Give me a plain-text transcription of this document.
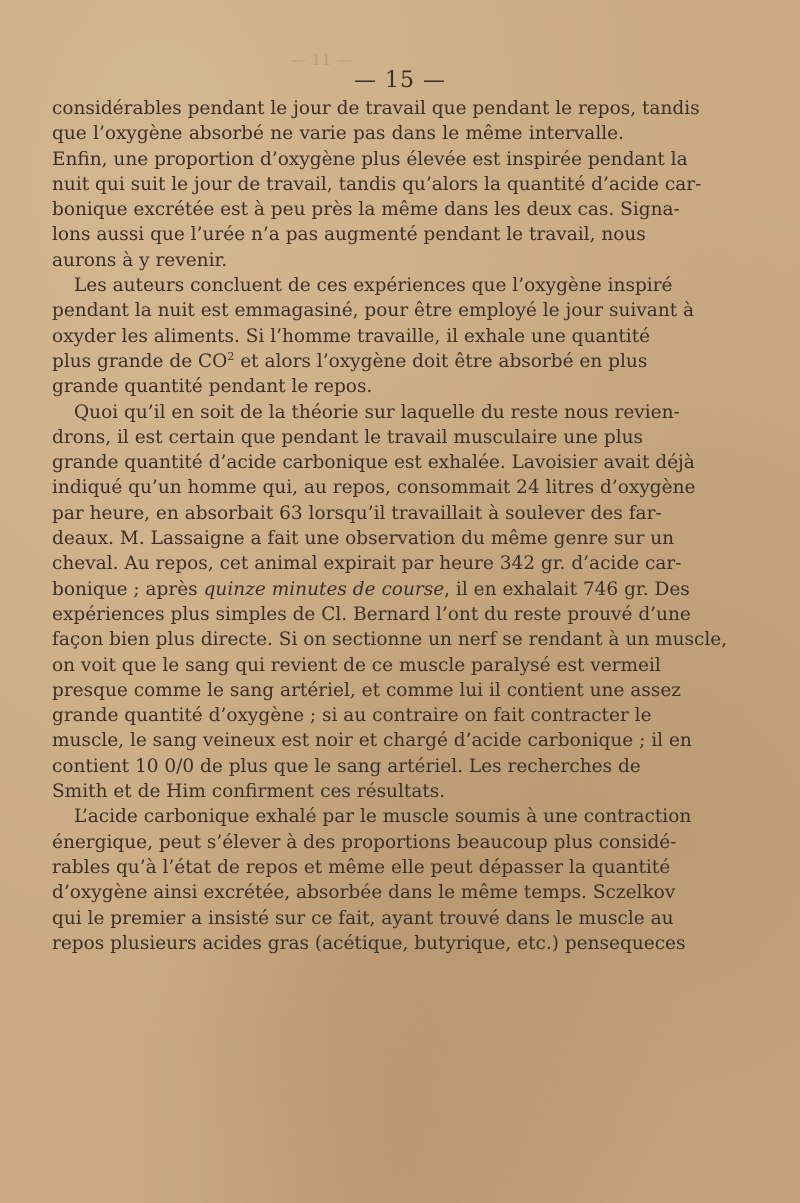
— 11 —
— 15 —
considérables pendant le jour de travail que pendant le repos, tandis
que l’oxygène absorbé ne varie pas dans le même intervalle.
Enfin, une proportion d’oxygène plus élevée est inspirée pendant la
nuit qui suit le jour de travail, tandis qu’alors la quantité d’acide car-
bonique excrétée est à peu près la même dans les deux cas. Signa-
lons aussi que l’urée n’a pas augmenté pendant le travail, nous
aurons à y revenir.
Les auteurs concluent de ces expériences que l’oxygène inspiré
pendant la nuit est emmagasiné, pour être employé le jour suivant à
oxyder les aliments. Si l’homme travaille, il exhale une quantité
plus grande de $CO^2$ et alors l’oxygène doit être absorbé en plus
grande quantité pendant le repos.
Quoi qu’il en soit de la théorie sur laquelle du reste nous revien-
drons, il est certain que pendant le travail musculaire une plus
grande quantité d’acide carbonique est exhalée. Lavoisier avait déjà
indiqué qu’un homme qui, au repos, consommait 24 litres d’oxygène
par heure, en absorbait 63 lorsqu’il travaillait à soulever des far-
deaux. M. Lassaigne a fait une observation du même genre sur un
cheval. Au repos, cet animal expirait par heure 342 gr. d’acide car-
bonique ; après quinze minutes de course, il en exhalait 746 gr. Des
expériences plus simples de Cl. Bernard l’ont du reste prouvé d’une
façon bien plus directe. Si on sectionne un nerf se rendant à un muscle,
on voit que le sang qui revient de ce muscle paralysé est vermeil
presque comme le sang artériel, et comme lui il contient une assez
grande quantité d’oxygène ; si au contraire on fait contracter le
muscle, le sang veineux est noir et chargé d’acide carbonique ; il en
contient 10 0/0 de plus que le sang artériel. Les recherches de
Smith et de Him confirment ces résultats.
L’acide carbonique exhalé par le muscle soumis à une contraction
énergique, peut s’élever à des proportions beaucoup plus considé-
rables qu’à l’état de repos et même elle peut dépasser la quantité
d’oxygène ainsi excrétée, absorbée dans le même temps. Sczelkov
qui le premier a insisté sur ce fait, ayant trouvé dans le muscle au
repos plusieurs acides gras (acétique, butyrique, etc.) pensequeces
